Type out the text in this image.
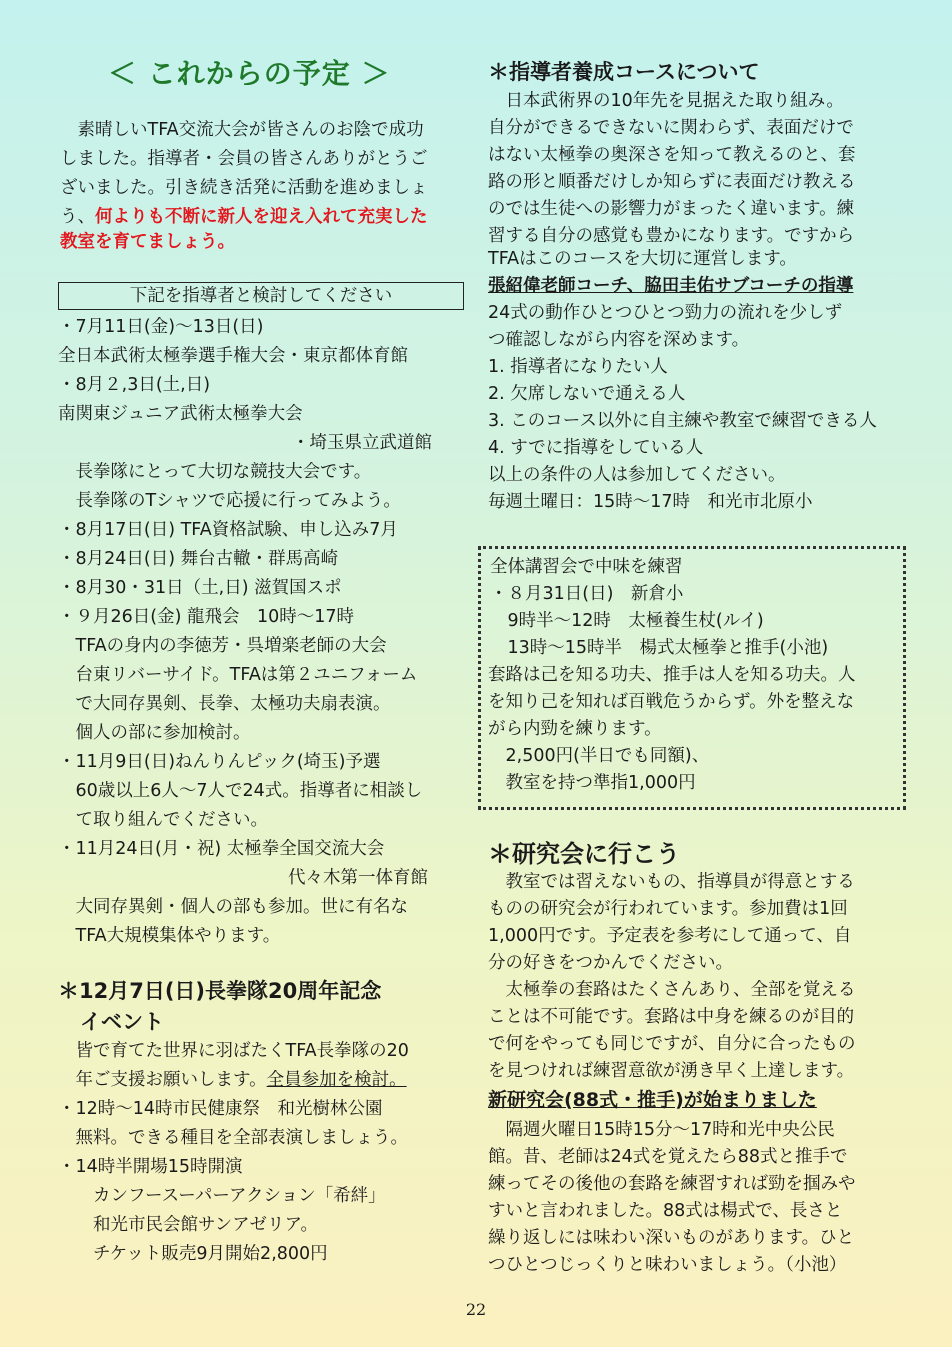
＜ これからの予定 ＞
　素晴しいTFA交流大会が皆さんのお陰で成功
しました。指導者・会員の皆さんありがとうご
ざいました。引き続き活発に活動を進めましょ
う、何よりも不断に新人を迎え入れて充実した
教室を育てましょう。
下記を指導者と検討してください
・7月11日(金)〜13日(日)
全日本武術太極拳選手権大会・東京都体育館
・8月２,3日(土,日)
南関東ジュニア武術太極拳大会
・埼玉県立武道館
　長拳隊にとって大切な競技大会です。
　長拳隊のTシャツで応援に行ってみよう。
・8月17日(日) TFA資格試験、申し込み7月
・8月24日(日) 舞台古轍・群馬高崎
・8月30・31日（土,日) 滋賀国スポ
・９月26日(金) 龍飛会　10時〜17時
　TFAの身内の李徳芳・呉増楽老師の大会
　台東リバーサイド。TFAは第２ユニフォーム
　で大同存異剣、長拳、太極功夫扇表演。
　個人の部に参加検討。
・11月9日(日)ねんりんピック(埼玉)予選
　60歳以上6人〜7人で24式。指導者に相談し
　て取り組んでください。
・11月24日(月・祝) 太極拳全国交流大会
代々木第一体育館
　大同存異剣・個人の部も参加。世に有名な
　TFA大規模集体やります。
＊12月7日(日)長拳隊20周年記念
イベント
　皆で育てた世界に羽ばたくTFA長拳隊の20
　年ご支援お願いします。全員参加を検討。
・12時〜14時市民健康祭　和光樹林公園
　無料。できる種目を全部表演しましょう。
・14時半開場15時開演
　　カンフースーパーアクション「希絆」
　　和光市民会館サンアゼリア。
　　チケット販売9月開始2,800円
＊指導者養成コースについて
　日本武術界の10年先を見据えた取り組み。
自分ができるできないに関わらず、表面だけで
はない太極拳の奥深さを知って教えるのと、套
路の形と順番だけしか知らずに表面だけ教える
のでは生徒への影響力がまったく違います。練
習する自分の感覚も豊かになります。ですから
TFAはこのコースを大切に運営します。
張紹偉老師コーチ、脇田圭佑サブコーチの指導
24式の動作ひとつひとつ勁力の流れを少しず
つ確認しながら内容を深めます。
1. 指導者になりたい人
2. 欠席しないで通える人
3. このコース以外に自主練や教室で練習できる人
4. すでに指導をしている人
以上の条件の人は参加してください。
毎週土曜日：15時〜17時　和光市北原小
全体講習会で中味を練習
・８月31日(日)　新倉小
　9時半〜12時　太極養生杖(ルイ)
　13時〜15時半　楊式太極拳と推手(小池)
套路は己を知る功夫、推手は人を知る功夫。人
を知り己を知れば百戦危うからず。外を整えな
がら内勁を練ります。
　2,500円(半日でも同額)、
　教室を持つ準指1,000円
＊研究会に行こう
　教室では習えないもの、指導員が得意とする
ものの研究会が行われています。参加費は1回
1,000円です。予定表を参考にして通って、自
分の好きをつかんでください。
　太極拳の套路はたくさんあり、全部を覚える
ことは不可能です。套路は中身を練るのが目的
で何をやっても同じですが、自分に合ったもの
を見つければ練習意欲が湧き早く上達します。
新研究会(88式・推手)が始まりました
　隔週火曜日15時15分〜17時和光中央公民
館。昔、老師は24式を覚えたら88式と推手で
練ってその後他の套路を練習すれば勁を掴みや
すいと言われました。88式は楊式で、長さと
繰り返しには味わい深いものがあります。ひと
つひとつじっくりと味わいましょう。（小池）
22
